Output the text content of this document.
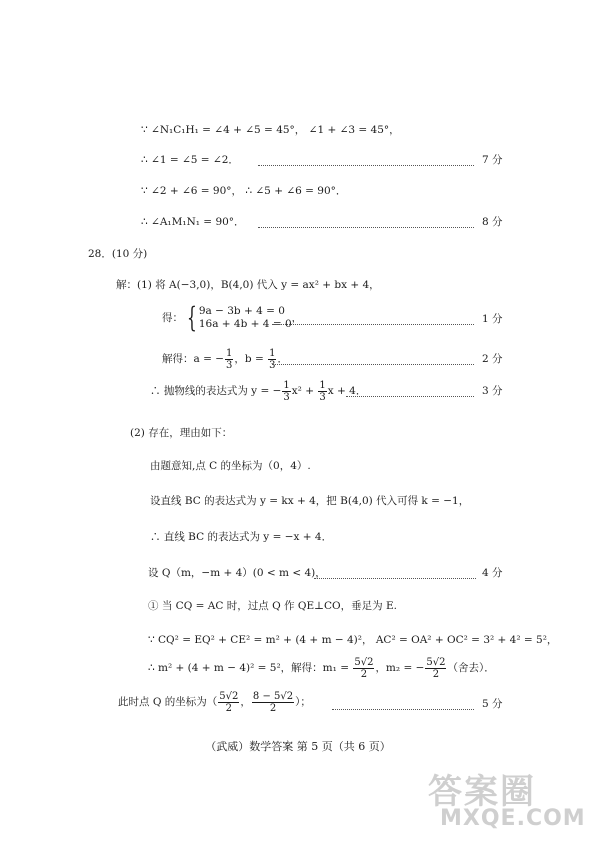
∵ ∠N₁C₁H₁ = ∠4 + ∠5 = 45°， ∠1 + ∠3 = 45°，
∴ ∠1 = ∠5 = ∠2．	7 分
∵ ∠2 + ∠6 = 90°， ∴ ∠5 + ∠6 = 90°．
∴ ∠A₁M₁N₁ = 90°．	8 分
28．(10 分)
解：(1) 将 A(−3,0)，B(4,0) 代入 y = ax² + bx + 4，
得： { 9a − 3b + 4 = 0
16a + 4b + 4 = 0 ，	1 分
解得：a = − $\frac{1}{3}$ ，$b = \frac{1}{3}$ ．	2 分
∴ 抛物线的表达式为 y = − $\frac{1}{3} x^2 + \frac{1}{3}$ x + 4．	3 分
(2) 存在，理由如下：
由题意知,点 C 的坐标为（0，4）.
设直线 BC 的表达式为 y = kx + 4，把 B(4,0) 代入可得 k = −1，
∴ 直线 BC 的表达式为 y = −x + 4．
设 Q（m，−m + 4）(0 < m < 4)，	4 分
① 当 CQ = AC 时，过点 Q 作 QE⊥CO，垂足为 E.
∵ CQ² = EQ² + CE² = m² + (4 + m − 4)²， AC² = OA² + OC² = 3² + 4² = 5²，
∴ m² + (4 + m − 4)² = 5²，解得：$m_1 = \frac{5√2}{2}$ ，m₂ = − $\frac{5√2}{2}$ （舍去）．
此时点 Q 的坐标为（ $\frac{5√2}{2}$ ， $\frac{8 - 5√2}{2}$ ）；	5 分
（武威）数学答案 第 5 页（共 6 页）
答案圈
MXQE.COM
